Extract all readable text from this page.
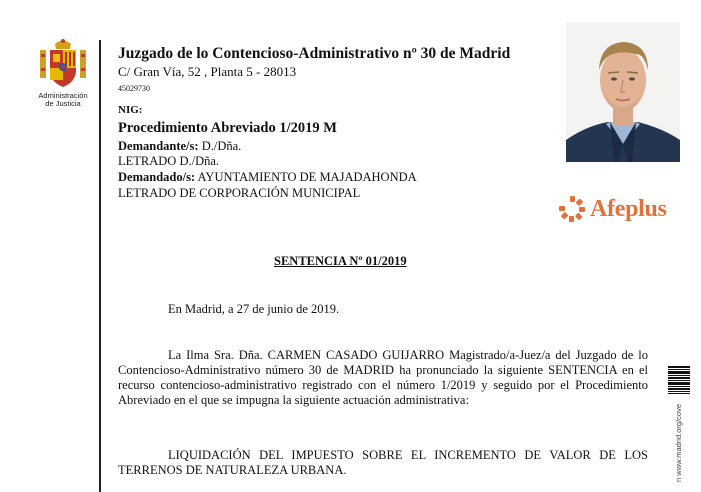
Administración
de Justicia
Juzgado de lo Contencioso-Administrativo nº 30 de Madrid
C/ Gran Vía, 52 , Planta 5 - 28013
45029730
NIG:
Procedimiento Abreviado 1/2019 M
Demandante/s: D./Dña.
LETRADO D./Dña.
Demandado/s: AYUNTAMIENTO DE MAJADAHONDA
LETRADO DE CORPORACIÓN MUNICIPAL
Afeplus
SENTENCIA Nº 01/2019
En Madrid, a 27 de junio de 2019.
La Ilma Sra. Dña. CARMEN CASADO GUIJARRO Magistrado/a-Juez/a del Juzgado de lo Contencioso-Administrativo número 30 de MADRID ha pronunciado la siguiente SENTENCIA en el recurso contencioso-administrativo registrado con el número 1/2019 y seguido por el Procedimiento Abreviado en el que se impugna la siguiente actuación administrativa:
LIQUIDACIÓN DEL IMPUESTO SOBRE EL INCREMENTO DE VALOR DE LOS TERRENOS DE NATURALEZA URBANA.	n www.madrid.org/cove
